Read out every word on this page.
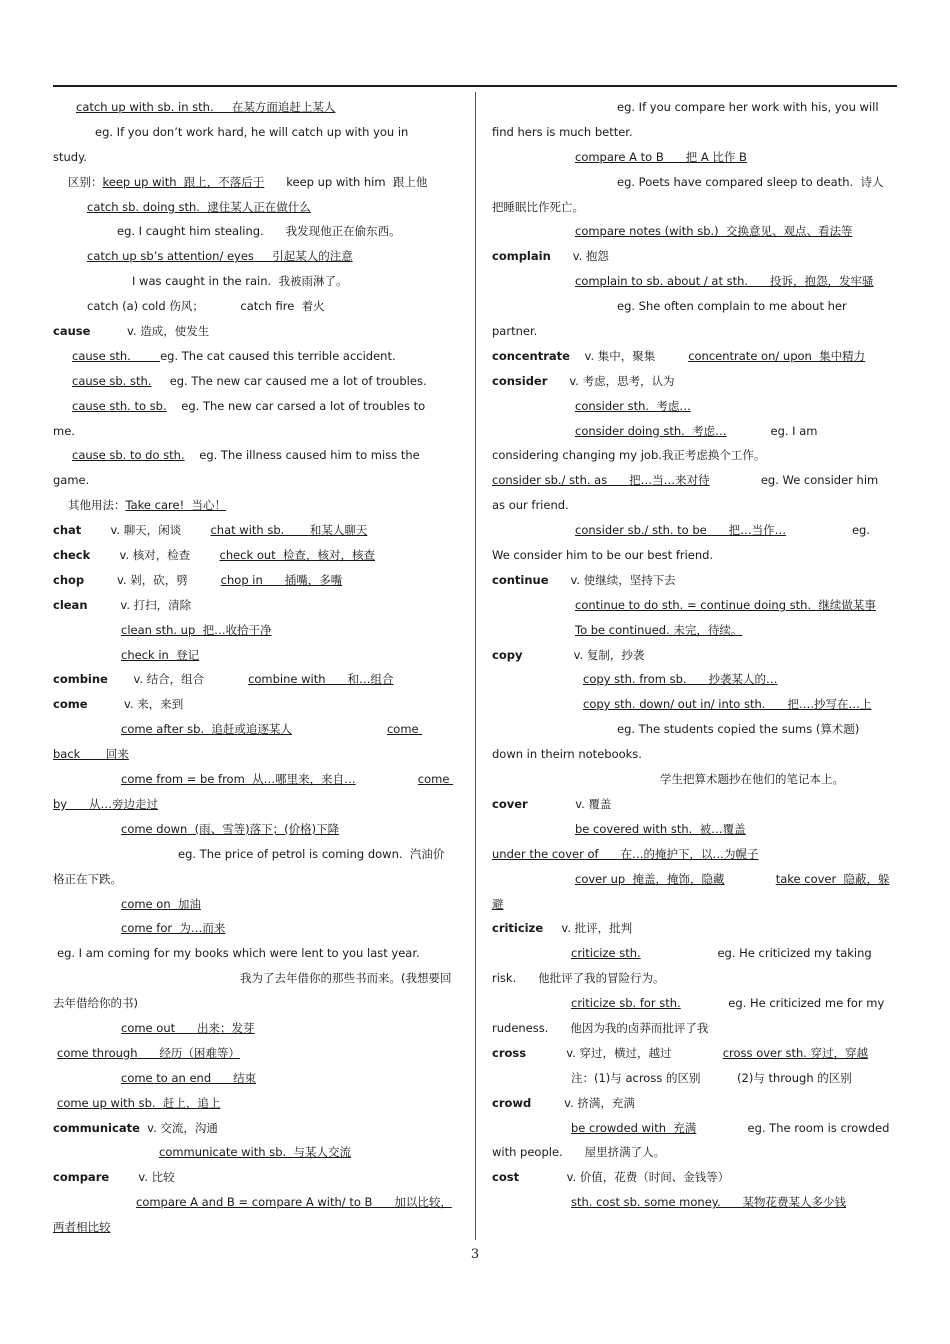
catch up with sb. in sth.     在某方面追赶上某人
eg. If you don’t work hard, he will catch up with you in
study.
区别：keep up with  跟上，不落后于      keep up with him  跟上他
catch sb. doing sth.  逮住某人正在做什么
eg. I caught him stealing.      我发现他正在偷东西。
catch up sb’s attention/ eyes     引起某人的注意
I was caught in the rain.  我被雨淋了。
catch (a) cold 伤风；          catch fire  着火
cause          v. 造成，使发生
cause sth.        eg. The cat caused this terrible accident.
cause sb. sth.     eg. The new car caused me a lot of troubles.
cause sth. to sb.    eg. The new car carsed a lot of troubles to
me.
cause sb. to do sth.    eg. The illness caused him to miss the
game.
其他用法：Take care!  当心！
chat        v. 聊天，闲谈        chat with sb.       和某人聊天
check        v. 核对，检查        check out  检查，核对，核查
chop         v. 剁，砍，劈         chop in      插嘴，多嘴
clean         v. 打扫，清除
clean sth. up  把…收拾干净
check in  登记
combine       v. 结合，组合            combine with      和…组合
come          v. 来，来到
come after sb.  追赶或追逐某人	come
back       回来
come from = be from  从…哪里来，来自…	come
by      从…旁边走过
come down  (雨、雪等)落下；(价格)下降
eg. The price of petrol is coming down.  汽油价
格正在下跌。
come on  加油
come for  为…而来
eg. I am coming for my books which were lent to you last year.
我为了去年借你的那些书而来。(我想要回
去年借给你的书)
come out      出来；发芽
come through      经历（困难等）
come to an end      结束
come up with sb.  赶上，追上
communicate  v. 交流，沟通
communicate with sb.  与某人交流
compare        v. 比较
compare A and B = compare A with/ to B      加以比较，
两者相比较
eg. If you compare her work with his, you will
find hers is much better.
compare A to B      把 A 比作 B
eg. Poets have compared sleep to death.  诗人
把睡眠比作死亡。
compare notes (with sb.)  交换意见、观点、看法等
complain      v. 抱怨
complain to sb. about / at sth.      投诉，抱怨，发牢骚
eg. She often complain to me about her
partner.
concentrate    v. 集中，聚集         concentrate on/ upon  集中精力
consider      v. 考虑，思考，认为
consider sth.  考虑…
consider doing sth.  考虑…            eg. I am
considering changing my job.我正考虑换个工作。
consider sb./ sth. as      把…当…来对待              eg. We consider him
as our friend.
consider sb./ sth. to be      把…当作…                  eg.
We consider him to be our best friend.
continue      v. 使继续，坚持下去
continue to do sth. = continue doing sth.  继续做某事
To be continued. 未完，待续。
copy              v. 复制，抄袭
copy sth. from sb.      抄袭某人的…
copy sth. down/ out in/ into sth.      把….抄写在…上
eg. The students copied the sums (算术题)
down in theirn notebooks.
学生把算术题抄在他们的笔记本上。
cover             v. 覆盖
be covered with sth.  被…覆盖
under the cover of      在…的掩护下，以…为幌子
cover up  掩盖，掩饰，隐藏	take cover  隐蔽，躲
避
criticize     v. 批评，批判
criticize sth.                     eg. He criticized my taking
risk.      他批评了我的冒险行为。
criticize sb. for sth.             eg. He criticized me for my
rudeness.      他因为我的卤莽而批评了我
cross           v. 穿过，横过，越过              cross over sth. 穿过，穿越
注：(1)与 across 的区别          (2)与 through 的区别
crowd         v. 挤满，充满
be crowded with  充满              eg. The room is crowded
with people.      屋里挤满了人。
cost             v. 价值，花费（时间、金钱等）
sth. cost sb. some money.      某物花费某人多少钱
3
